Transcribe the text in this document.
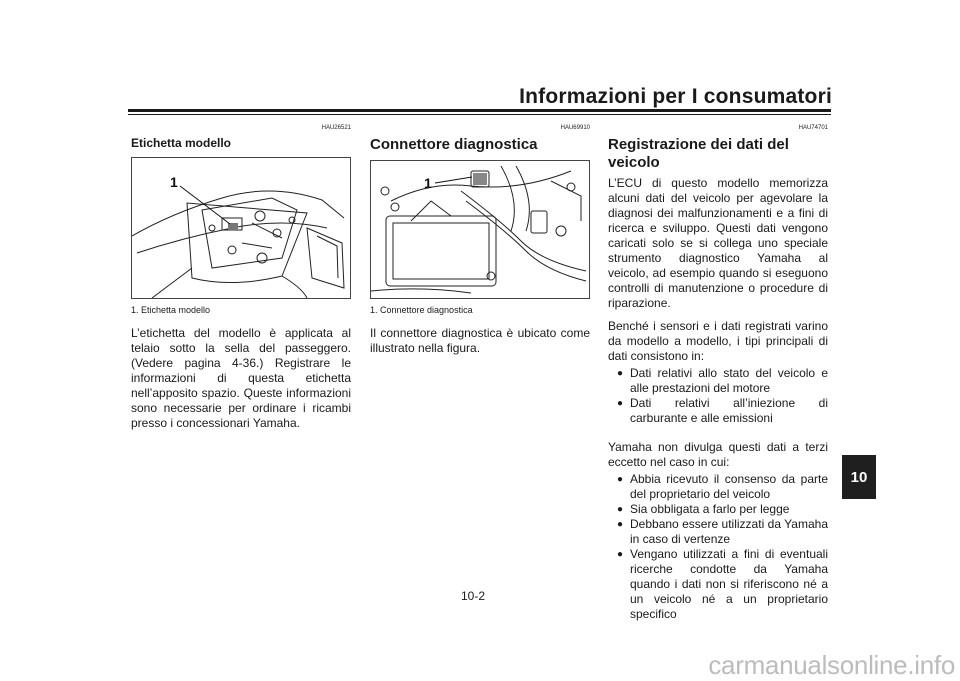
Informazioni per I consumatori
10
HAU26521
Etichetta modello
1
1. Etichetta modello
L’etichetta del modello è applicata al telaio sotto la sella del passeggero. (Vedere pagina 4-36.) Registrare le informazioni di questa etichetta nell’apposito spazio. Queste informazioni sono necessarie per ordinare i ricambi presso i concessionari Yamaha.
HAU69910
Connettore diagnostica
1
1. Connettore diagnostica
Il connettore diagnostica è ubicato come illustrato nella figura.
HAU74701
Registrazione dei dati del veicolo
L’ECU di questo modello memorizza alcuni dati del veicolo per agevolare la diagnosi dei malfunzionamenti e a fini di ricerca e sviluppo. Questi dati vengono caricati solo se si collega uno speciale strumento diagnostico Yamaha al veicolo, ad esempio quando si eseguono controlli di manutenzione o procedure di riparazione.
Benché i sensori e i dati registrati varino da modello a modello, i tipi principali di dati consistono in:
● Dati relativi allo stato del veicolo e alle prestazioni del motore
● Dati relativi all’iniezione di carburante e alle emissioni
Yamaha non divulga questi dati a terzi eccetto nel caso in cui:
● Abbia ricevuto il consenso da parte del proprietario del veicolo
● Sia obbligata a farlo per legge
● Debbano essere utilizzati da Yamaha in caso di vertenze
● Vengano utilizzati a fini di eventuali ricerche condotte da Yamaha quando i dati non si riferiscono né a un veicolo né a un proprietario specifico
10-2
carmanualsonline.info
